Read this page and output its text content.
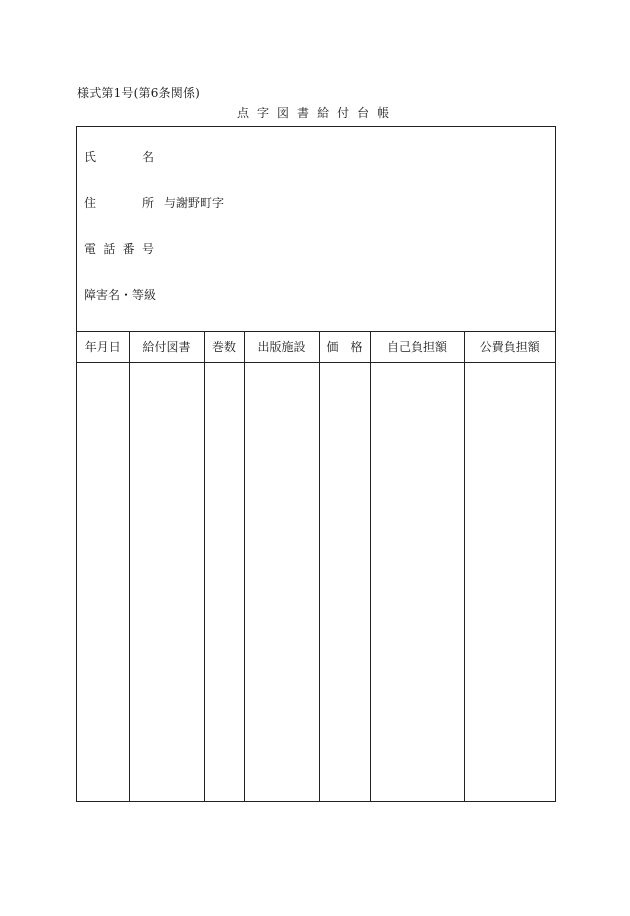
様式第1号(第6条関係)
点 字 図 書 給 付 台 帳
氏	名
住	所 与謝野町字
電 話 番 号
障害名・等級
年月日	給付図書	巻数	出版施設	価　格	自己負担額	公費負担額
